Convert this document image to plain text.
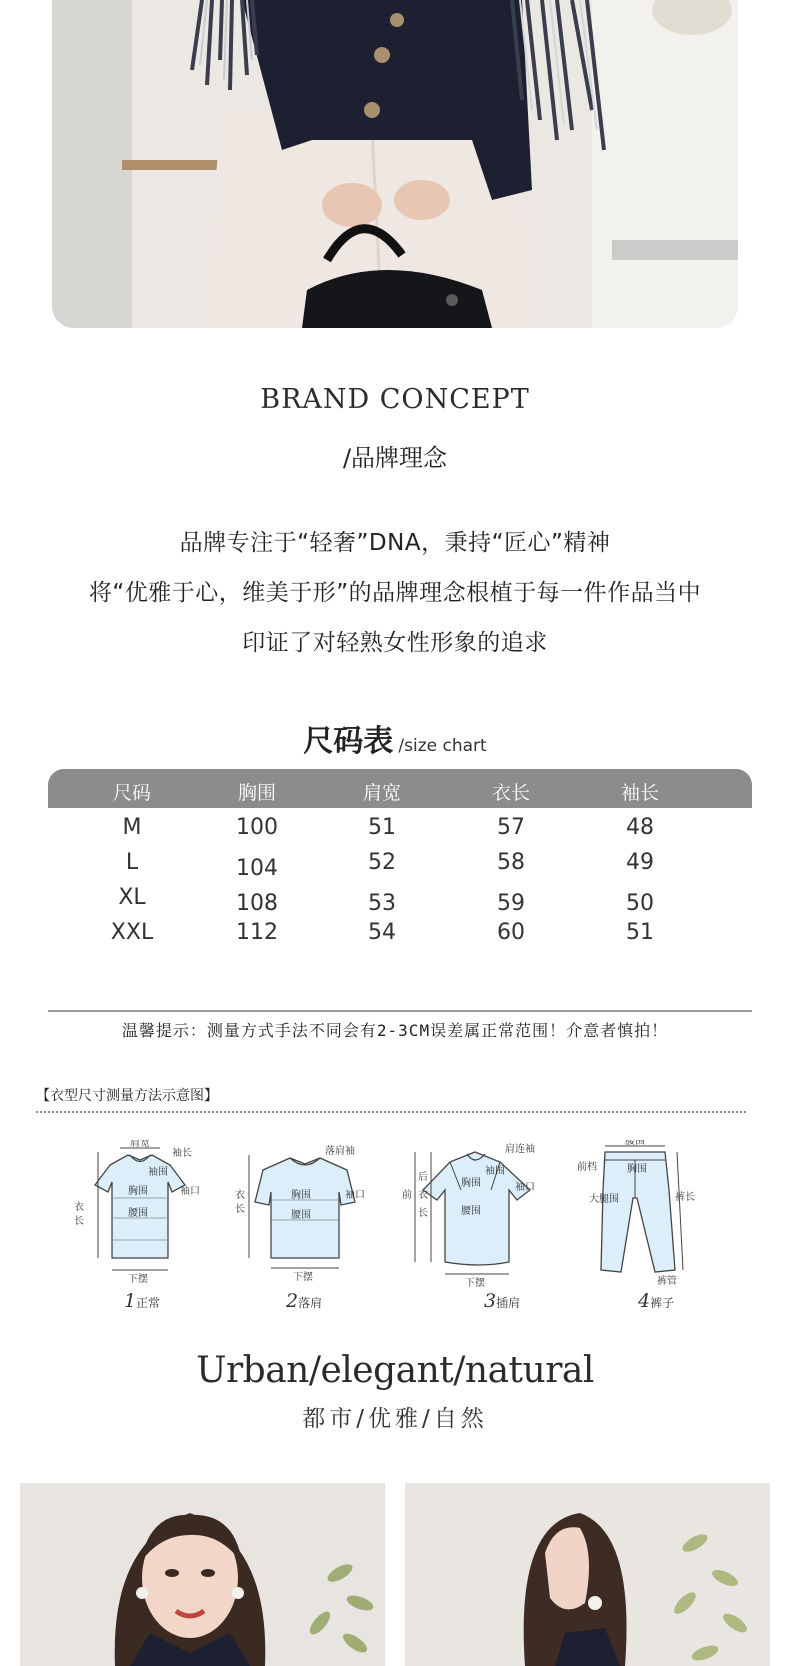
BRAND CONCEPT
/品牌理念
品牌专注于“轻奢”DNA，秉持“匠心”精神
将“优雅于心，维美于形”的品牌理念根植于每一件作品当中
印证了对轻熟女性形象的追求
尺码表 /size chart
尺码	胸围	肩宽	衣长	袖长
M	100	51	57	48
L	104	52	58	49
XL	108	53	59	50
XXL	112	54	60	51
温馨提示：测量方式手法不同会有2-3CM误差属正常范围！介意者慎拍！
【衣型尺寸测量方法示意图】
肩宽
袖长
袖围
胸围	袖口
腰围
下摆
衣
长
落肩袖
胸围
腰围
袖口
下摆
衣
长
肩连袖
袖围
胸围	袖口
腰围
下摆
后
前 衣
长
腰围
前档	胸围
大腿围	裤长
裤管
1正常	2落肩	3插肩	4裤子
Urban/elegant/natural
都市/优雅/自然
